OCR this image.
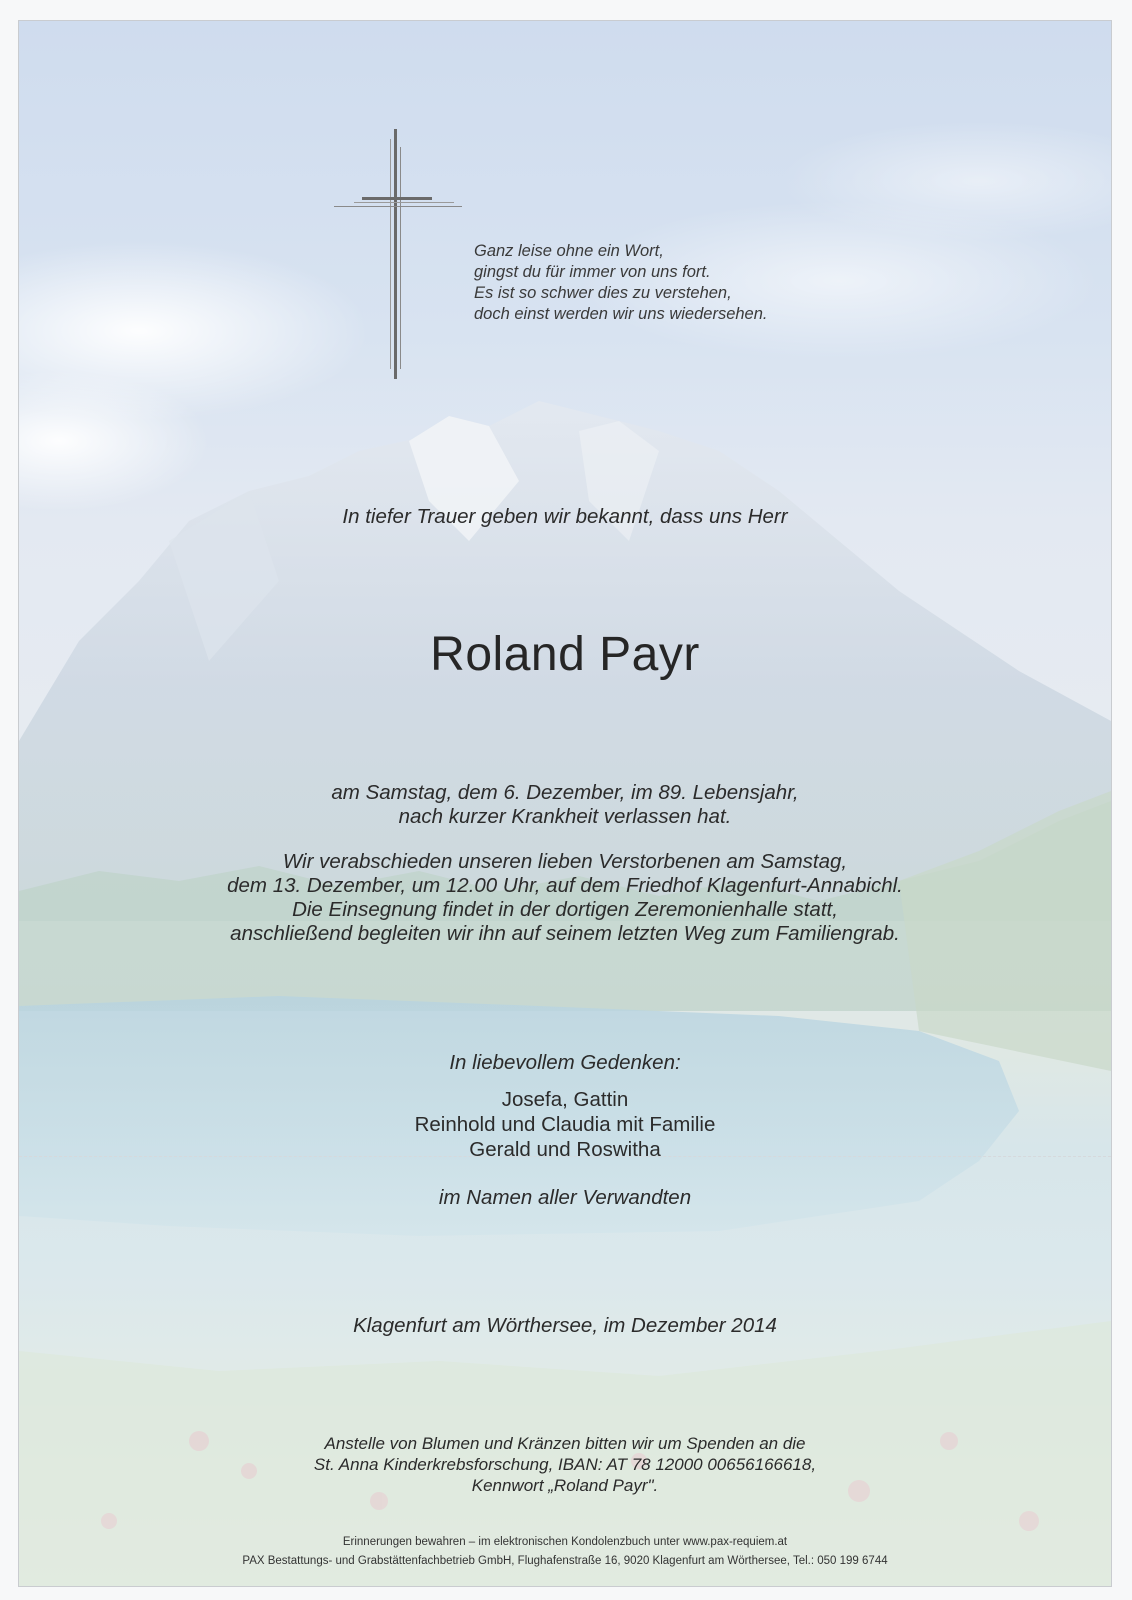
Ganz leise ohne ein Wort,
gingst du für immer von uns fort.
Es ist so schwer dies zu verstehen,
doch einst werden wir uns wiedersehen.
In tiefer Trauer geben wir bekannt, dass uns Herr
Roland Payr
am Samstag, dem 6. Dezember, im 89. Lebensjahr,
nach kurzer Krankheit verlassen hat.
Wir verabschieden unseren lieben Verstorbenen am Samstag,
dem 13. Dezember, um 12.00 Uhr, auf dem Friedhof Klagenfurt-Annabichl.
Die Einsegnung findet in der dortigen Zeremonienhalle statt,
anschließend begleiten wir ihn auf seinem letzten Weg zum Familiengrab.
In liebevollem Gedenken:
Josefa, Gattin
Reinhold und Claudia mit Familie
Gerald und Roswitha
im Namen aller Verwandten
Klagenfurt am Wörthersee, im Dezember 2014
Anstelle von Blumen und Kränzen bitten wir um Spenden an die
St. Anna Kinderkrebsforschung, IBAN: AT 78 12000 00656166618,
Kennwort „Roland Payr".
Erinnerungen bewahren – im elektronischen Kondolenzbuch unter www.pax-requiem.at
PAX Bestattungs- und Grabstättenfachbetrieb GmbH, Flughafenstraße 16, 9020 Klagenfurt am Wörthersee, Tel.: 050 199 6744
